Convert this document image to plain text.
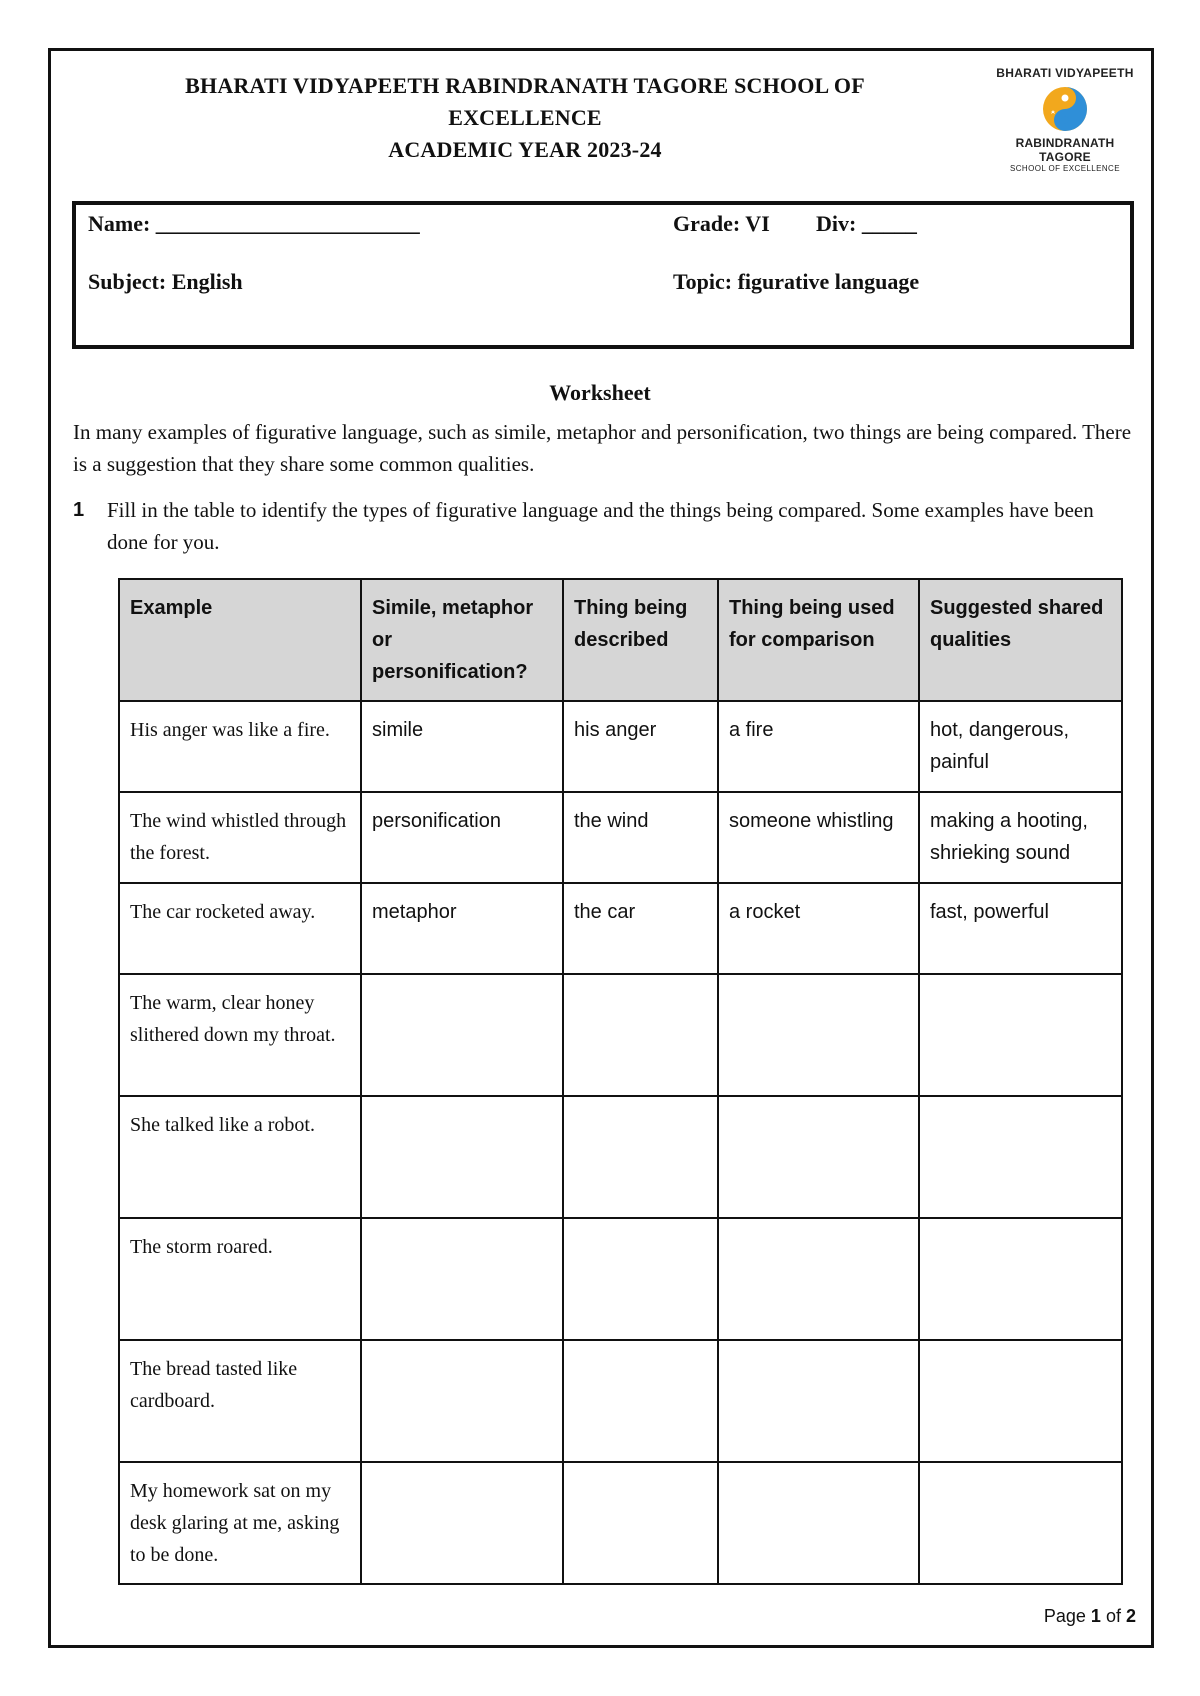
BHARATI VIDYAPEETH RABINDRANATH TAGORE SCHOOL OF
EXCELLENCE
ACADEMIC YEAR 2023-24
BHARATI VIDYAPEETH
RABINDRANATH TAGORE
SCHOOL OF EXCELLENCE
Name: ________________________	Grade: VI Div: _____
Subject: English	Topic: figurative language
Worksheet
In many examples of figurative language, such as simile, metaphor and personification, two things are being compared. There is a suggestion that they share some common qualities.
1 Fill in the table to identify the types of figurative language and the things being compared. Some examples have been done for you.
Example	Simile, metaphor or personification?	Thing being described	Thing being used for comparison	Suggested shared qualities
His anger was like a fire.	simile	his anger	a fire	hot, dangerous, painful
The wind whistled through the forest.	personification	the wind	someone whistling	making a hooting, shrieking sound
The car rocketed away.	metaphor	the car	a rocket	fast, powerful
The warm, clear honey slithered down my throat.				
She talked like a robot.				
The storm roared.				
The bread tasted like cardboard.				
My homework sat on my desk glaring at me, asking to be done.				
Page 1 of 2
